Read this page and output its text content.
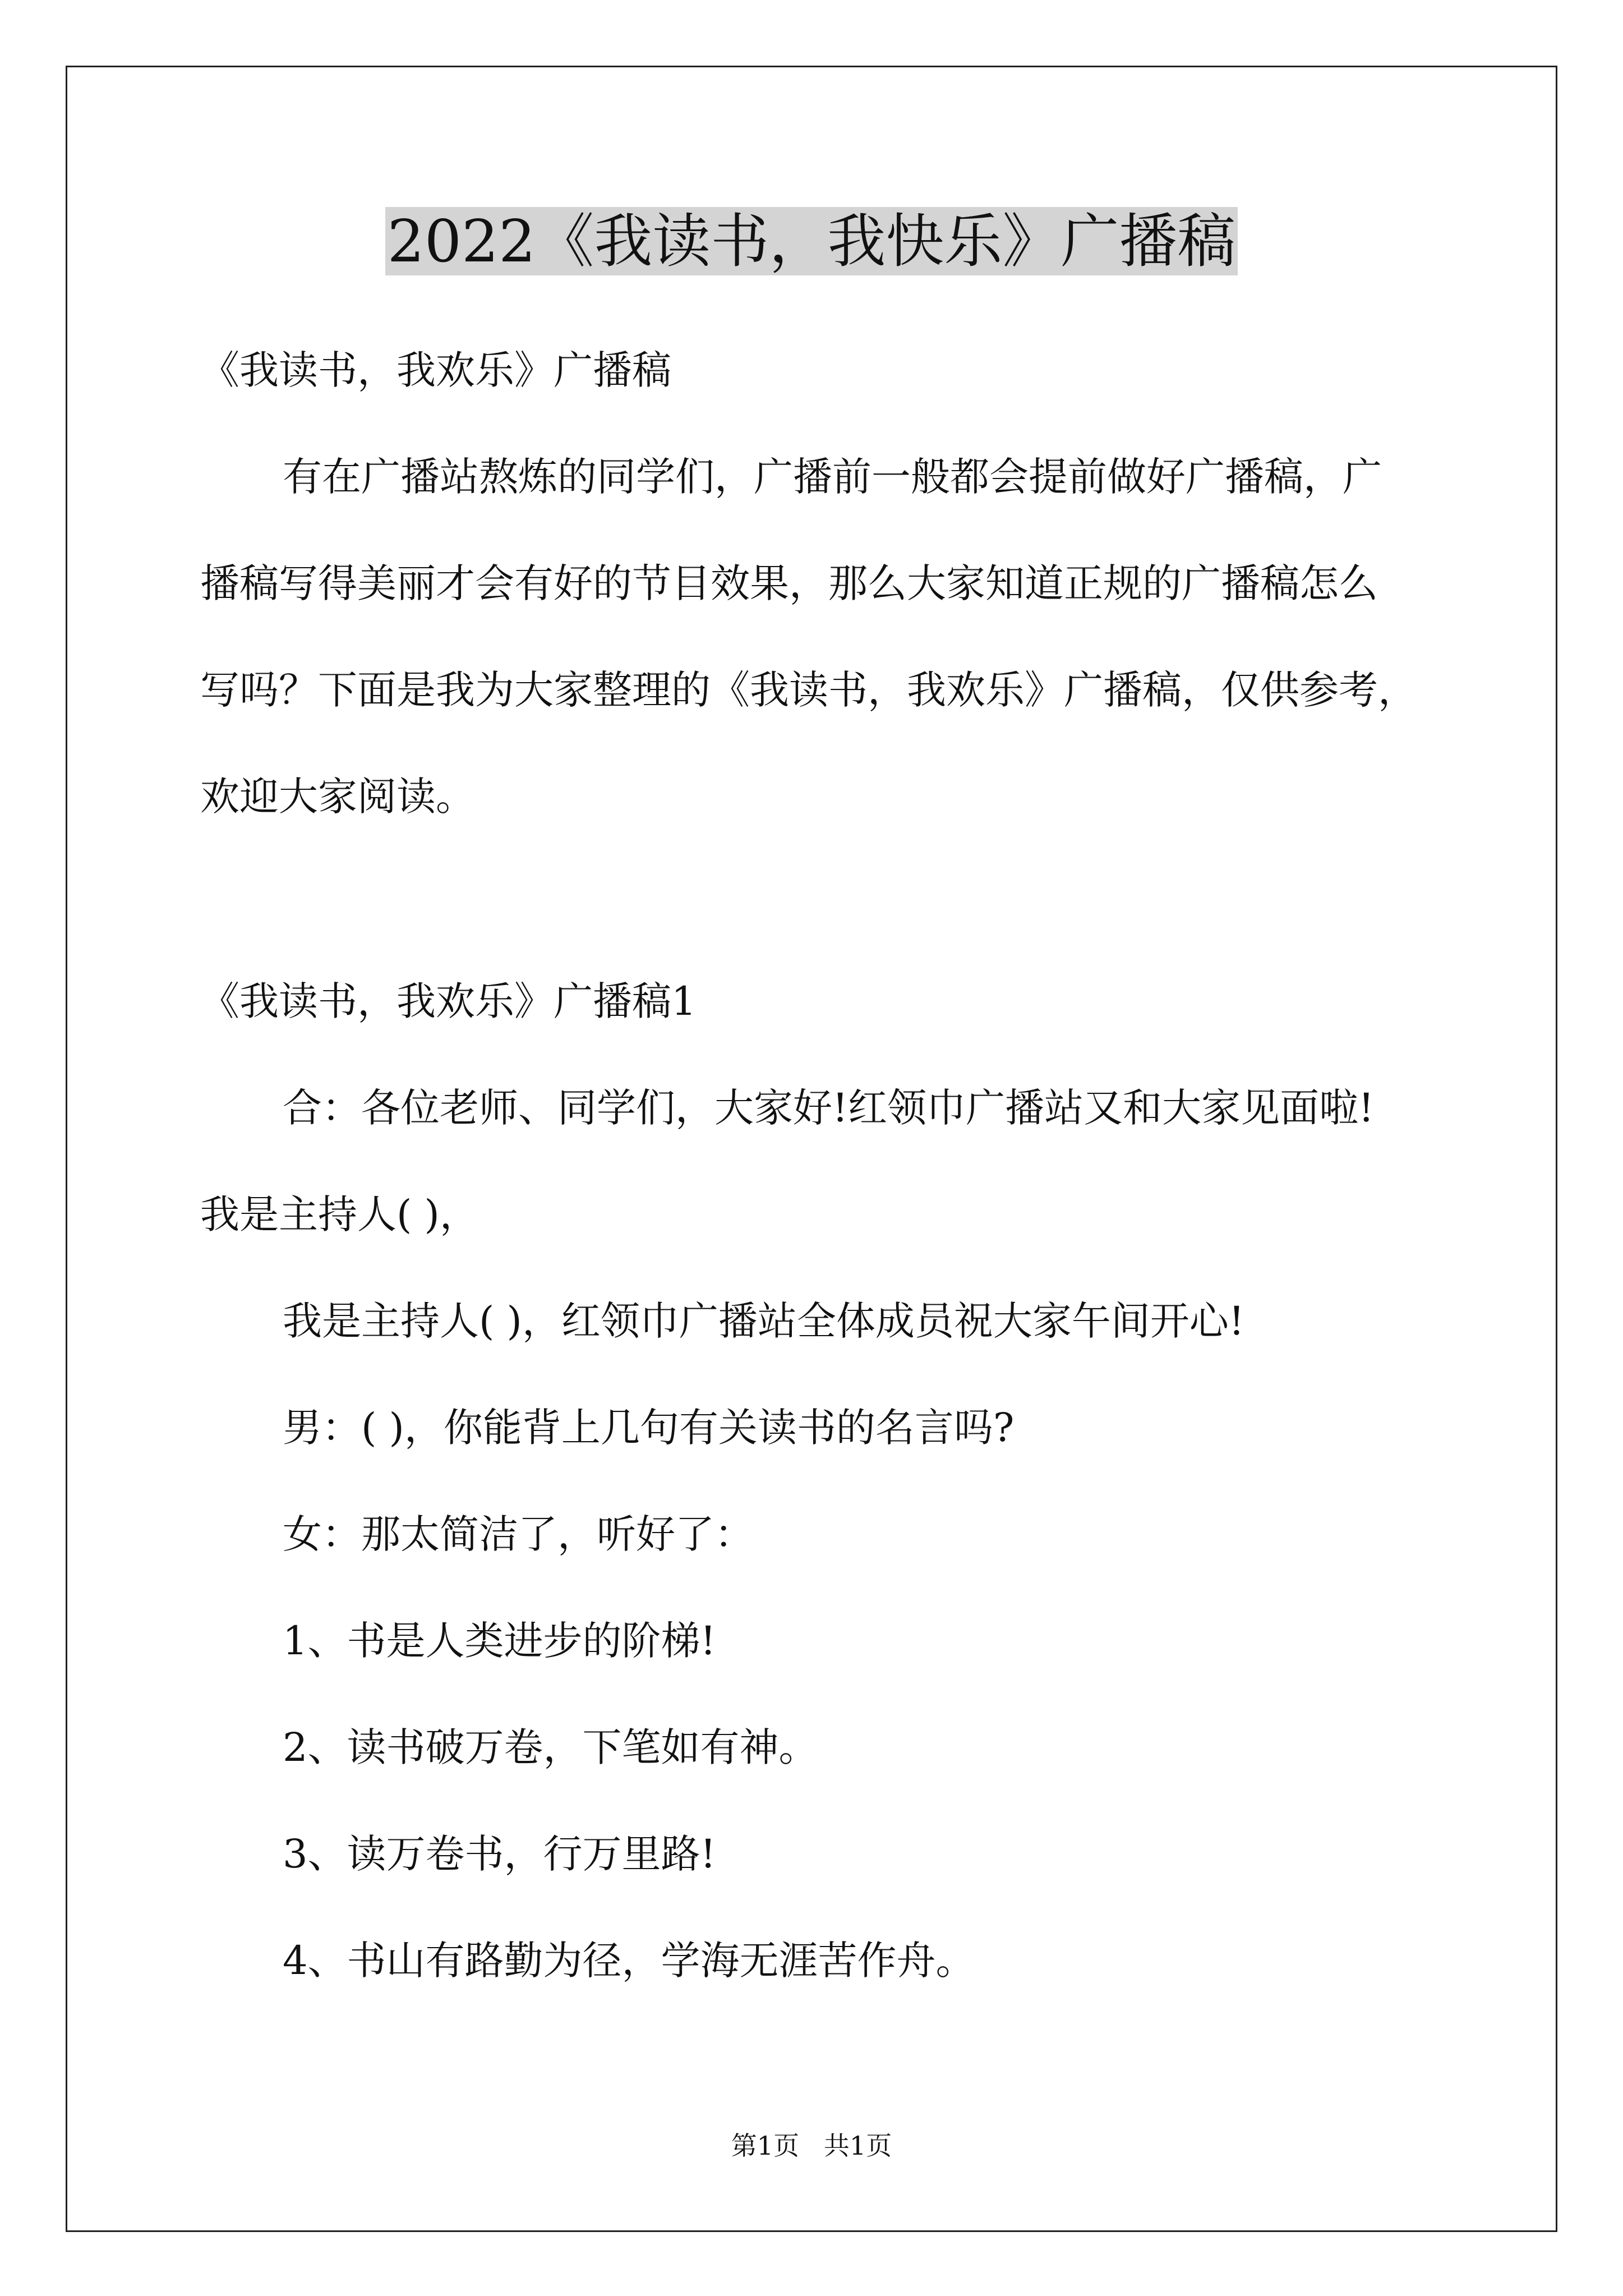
2022《我读书，我快乐》广播稿
《我读书，我欢乐》广播稿
有在广播站熬炼的同学们，广播前一般都会提前做好广播稿，广
播稿写得美丽才会有好的节目效果，那么大家知道正规的广播稿怎么
写吗？下面是我为大家整理的《我读书，我欢乐》广播稿，仅供参考，
欢迎大家阅读。
《我读书，我欢乐》广播稿1
合：各位老师、同学们，大家好!红领巾广播站又和大家见面啦!
我是主持人( )，
我是主持人( )，红领巾广播站全体成员祝大家午间开心!
男：( )，你能背上几句有关读书的名言吗?
女：那太简洁了，听好了：
1、书是人类进步的阶梯!
2、读书破万卷，下笔如有神。
3、读万卷书，行万里路!
4、书山有路勤为径，学海无涯苦作舟。
第1页   共1页
